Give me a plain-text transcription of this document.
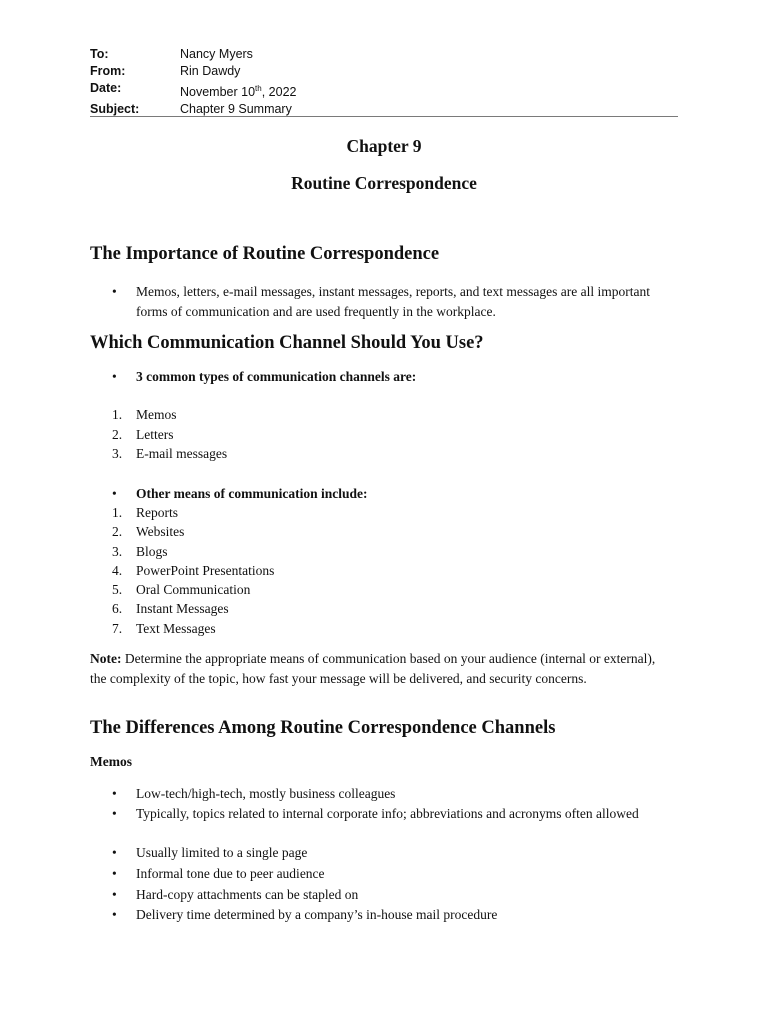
To:	Nancy Myers
From:	Rin Dawdy
Date:	November 10th, 2022
Subject:	Chapter 9 Summary
Chapter 9
Routine Correspondence
The Importance of Routine Correspondence
•	Memos, letters, e-mail messages, instant messages, reports, and text messages are all important forms of communication and are used frequently in the workplace.
Which Communication Channel Should You Use?
•	3 common types of communication channels are:
1. Memos
2. Letters
3. E-mail messages
•	Other means of communication include:
1. Reports
2. Websites
3. Blogs
4. PowerPoint Presentations
5. Oral Communication
6. Instant Messages
7. Text Messages
Note: Determine the appropriate means of communication based on your audience (internal or external), the complexity of the topic, how fast your message will be delivered, and security concerns.
The Differences Among Routine Correspondence Channels
Memos
•	Low-tech/high-tech, mostly business colleagues
•	Typically, topics related to internal corporate info; abbreviations and acronyms often allowed
•	Usually limited to a single page
•	Informal tone due to peer audience
•	Hard-copy attachments can be stapled on
•	Delivery time determined by a company’s in-house mail procedure
